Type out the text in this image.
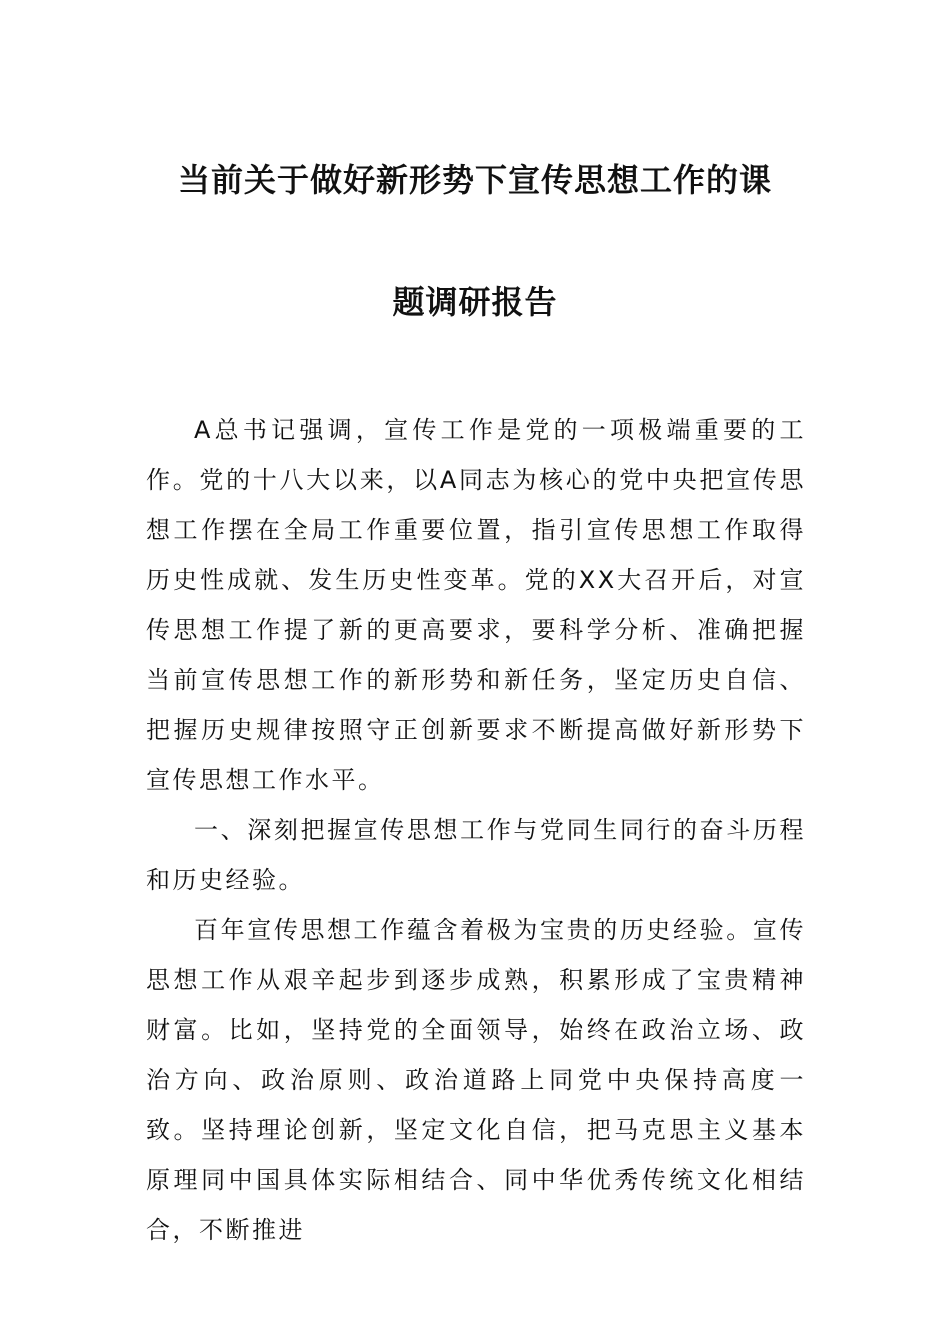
当前关于做好新形势下宣传思想工作的课
题调研报告

A总书记强调，宣传工作是党的一项极端重要的工作。党的十八大以来，以A同志为核心的党中央把宣传思想工作摆在全局工作重要位置，指引宣传思想工作取得历史性成就、发生历史性变革。党的XX大召开后，对宣传思想工作提了新的更高要求，要科学分析、准确把握当前宣传思想工作的新形势和新任务，坚定历史自信、把握历史规律按照守正创新要求不断提高做好新形势下宣传思想工作水平。

一、深刻把握宣传思想工作与党同生同行的奋斗历程和历史经验。

百年宣传思想工作蕴含着极为宝贵的历史经验。宣传思想工作从艰辛起步到逐步成熟，积累形成了宝贵精神财富。比如，坚持党的全面领导，始终在政治立场、政治方向、政治原则、政治道路上同党中央保持高度一致。坚持理论创新，坚定文化自信，把马克思主义基本原理同中国具体实际相结合、同中华优秀传统文化相结合，不断推进
